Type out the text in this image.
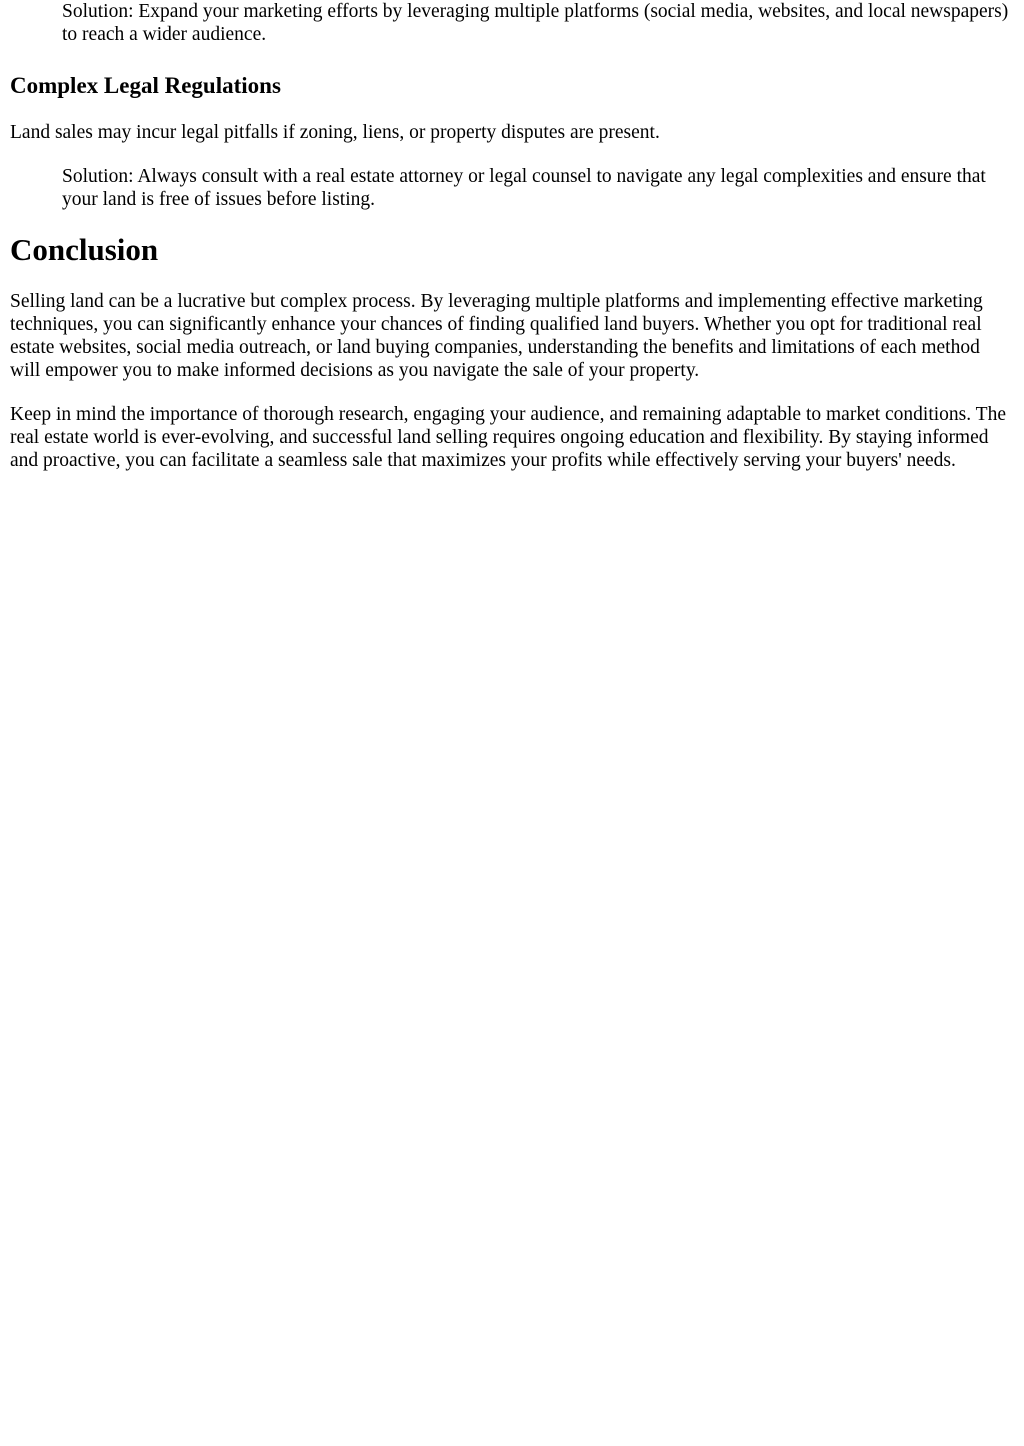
Solution: Expand your marketing efforts by leveraging multiple platforms (social media, websites, and local newspapers) to reach a wider audience.

Complex Legal Regulations

Land sales may incur legal pitfalls if zoning, liens, or property disputes are present.

Solution: Always consult with a real estate attorney or legal counsel to navigate any legal complexities and ensure that your land is free of issues before listing.

Conclusion

Selling land can be a lucrative but complex process. By leveraging multiple platforms and implementing effective marketing techniques, you can significantly enhance your chances of finding qualified land buyers. Whether you opt for traditional real estate websites, social media outreach, or land buying companies, understanding the benefits and limitations of each method will empower you to make informed decisions as you navigate the sale of your property.

Keep in mind the importance of thorough research, engaging your audience, and remaining adaptable to market conditions. The real estate world is ever-evolving, and successful land selling requires ongoing education and flexibility. By staying informed and proactive, you can facilitate a seamless sale that maximizes your profits while effectively serving your buyers' needs.
